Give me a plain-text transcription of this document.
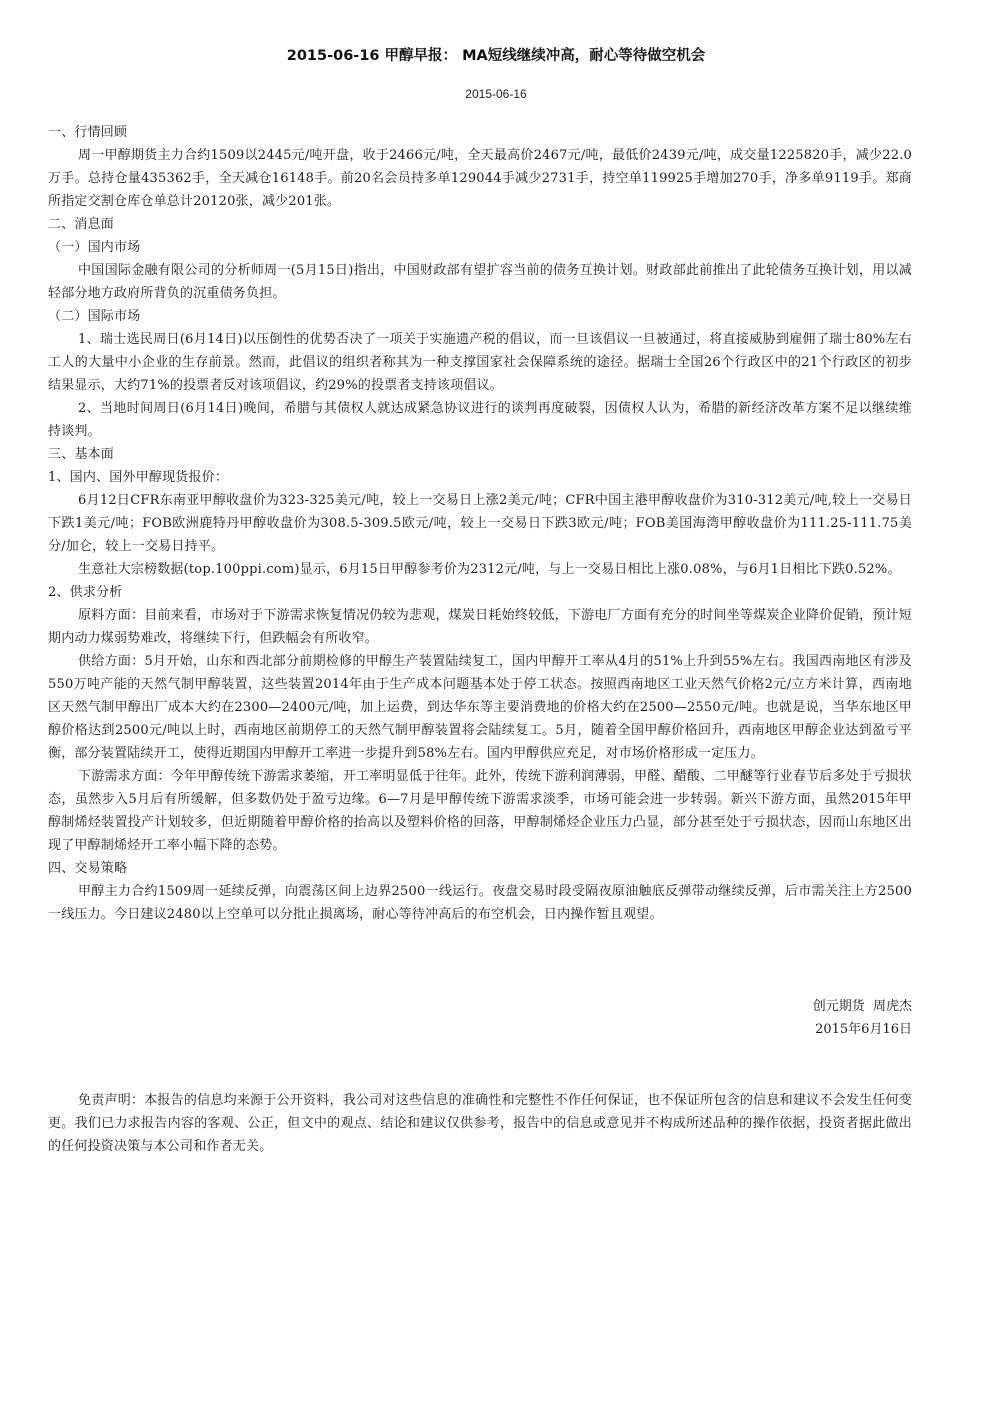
2015-06-16 甲醇早报： MA短线继续冲高，耐心等待做空机会
2015-06-16

一、行情回顾

周一甲醇期货主力合约1509以2445元/吨开盘，收于2466元/吨，全天最高价2467元/吨，最低价2439元/吨，成交量1225820手，减少22.0万手。总持仓量435362手，全天减仓16148手。前20名会员持多单129044手减少2731手，持空单119925手增加270手，净多单9119手。郑商所指定交割仓库仓单总计20120张，减少201张。

二、消息面

（一）国内市场

中国国际金融有限公司的分析师周一(5月15日)指出，中国财政部有望扩容当前的债务互换计划。财政部此前推出了此轮债务互换计划，用以减轻部分地方政府所背负的沉重债务负担。

（二）国际市场

1、瑞士选民周日(6月14日)以压倒性的优势否决了一项关于实施遗产税的倡议，而一旦该倡议一旦被通过，将直接威胁到雇佣了瑞士80%左右工人的大量中小企业的生存前景。然而，此倡议的组织者称其为一种支撑国家社会保障系统的途径。据瑞士全国26个行政区中的21个行政区的初步结果显示，大约71%的投票者反对该项倡议，约29%的投票者支持该项倡议。

2、当地时间周日(6月14日)晚间，希腊与其债权人就达成紧急协议进行的谈判再度破裂，因债权人认为，希腊的新经济改革方案不足以继续维持谈判。

三、基本面

1、国内、国外甲醇现货报价：

6月12日CFR东南亚甲醇收盘价为323-325美元/吨，较上一交易日上涨2美元/吨；CFR中国主港甲醇收盘价为310-312美元/吨,较上一交易日下跌1美元/吨；FOB欧洲鹿特丹甲醇收盘价为308.5-309.5欧元/吨，较上一交易日下跌3欧元/吨；FOB美国海湾甲醇收盘价为111.25-111.75美分/加仑，较上一交易日持平。

生意社大宗榜数据(top.100ppi.com)显示，6月15日甲醇参考价为2312元/吨，与上一交易日相比上涨0.08%，与6月1日相比下跌0.52%。

2、供求分析

原料方面：目前来看，市场对于下游需求恢复情况仍较为悲观，煤炭日耗始终较低，下游电厂方面有充分的时间坐等煤炭企业降价促销，预计短期内动力煤弱势难改，将继续下行，但跌幅会有所收窄。

供给方面：5月开始，山东和西北部分前期检修的甲醇生产装置陆续复工，国内甲醇开工率从4月的51%上升到55%左右。我国西南地区有涉及550万吨产能的天然气制甲醇装置，这些装置2014年由于生产成本问题基本处于停工状态。按照西南地区工业天然气价格2元/立方米计算，西南地区天然气制甲醇出厂成本大约在2300—2400元/吨，加上运费，到达华东等主要消费地的价格大约在2500—2550元/吨。也就是说，当华东地区甲醇价格达到2500元/吨以上时，西南地区前期停工的天然气制甲醇装置将会陆续复工。5月，随着全国甲醇价格回升，西南地区甲醇企业达到盈亏平衡，部分装置陆续开工，使得近期国内甲醇开工率进一步提升到58%左右。国内甲醇供应充足，对市场价格形成一定压力。

下游需求方面：今年甲醇传统下游需求萎缩，开工率明显低于往年。此外，传统下游利润薄弱，甲醛、醋酸、二甲醚等行业春节后多处于亏损状态，虽然步入5月后有所缓解，但多数仍处于盈亏边缘。6—7月是甲醇传统下游需求淡季，市场可能会进一步转弱。新兴下游方面，虽然2015年甲醇制烯烃装置投产计划较多，但近期随着甲醇价格的抬高以及塑料价格的回落，甲醇制烯烃企业压力凸显，部分甚至处于亏损状态，因而山东地区出现了甲醇制烯烃开工率小幅下降的态势。

四、交易策略

甲醇主力合约1509周一延续反弹，向震荡区间上边界2500一线运行。夜盘交易时段受隔夜原油触底反弹带动继续反弹，后市需关注上方2500一线压力。今日建议2480以上空单可以分批止损离场，耐心等待冲高后的布空机会，日内操作暂且观望。

创元期货  周虎杰
2015年6月16日
免责声明：本报告的信息均来源于公开资料，我公司对这些信息的准确性和完整性不作任何保证，也不保证所包含的信息和建议不会发生任何变更。我们已力求报告内容的客观、公正，但文中的观点、结论和建议仅供参考，报告中的信息或意见并不构成所述品种的操作依据，投资者据此做出的任何投资决策与本公司和作者无关。
